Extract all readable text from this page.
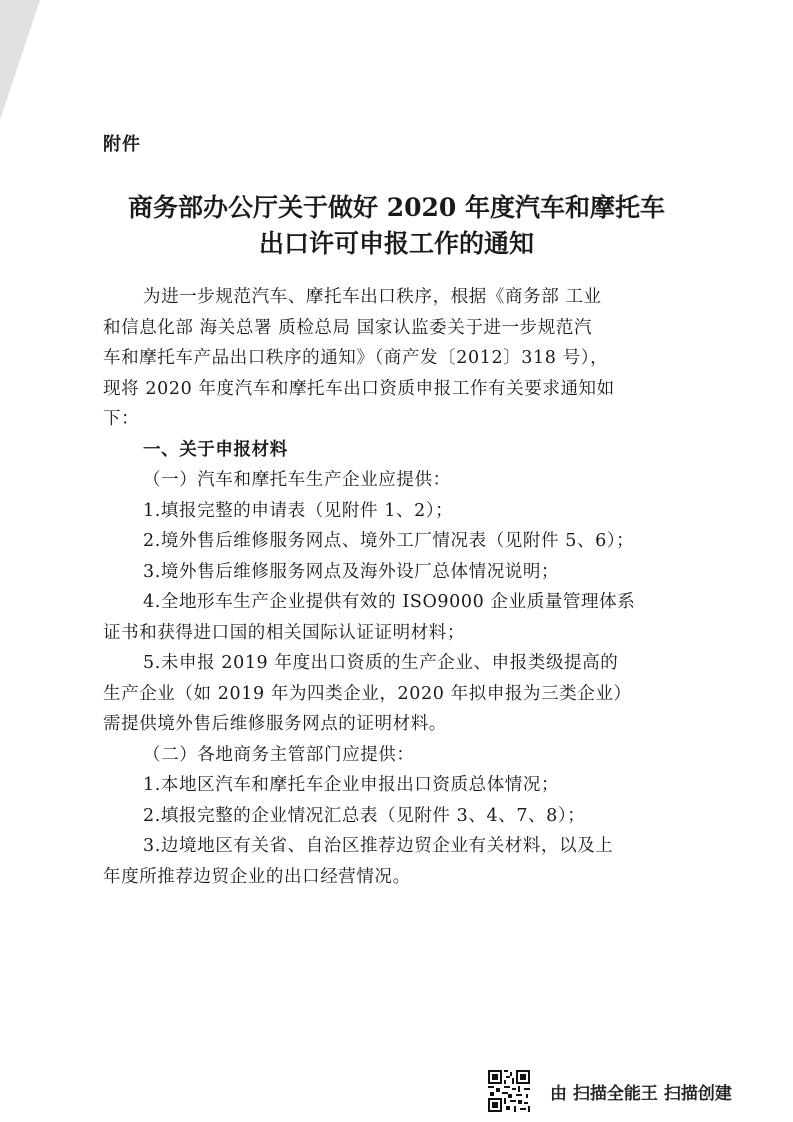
附件
商务部办公厅关于做好 2020 年度汽车和摩托车
出口许可申报工作的通知
为进一步规范汽车、摩托车出口秩序，根据《商务部 工业
和信息化部 海关总署 质检总局 国家认监委关于进一步规范汽
车和摩托车产品出口秩序的通知》（商产发〔2012〕318 号），
现将 2020 年度汽车和摩托车出口资质申报工作有关要求通知如
下：
一、关于申报材料
（一）汽车和摩托车生产企业应提供：
1.填报完整的申请表（见附件 1、2）；
2.境外售后维修服务网点、境外工厂情况表（见附件 5、6）；
3.境外售后维修服务网点及海外设厂总体情况说明；
4.全地形车生产企业提供有效的 ISO9000 企业质量管理体系
证书和获得进口国的相关国际认证证明材料；
5.未申报 2019 年度出口资质的生产企业、申报类级提高的
生产企业（如 2019 年为四类企业，2020 年拟申报为三类企业）
需提供境外售后维修服务网点的证明材料。
（二）各地商务主管部门应提供：
1.本地区汽车和摩托车企业申报出口资质总体情况；
2.填报完整的企业情况汇总表（见附件 3、4、7、8）；
3.边境地区有关省、自治区推荐边贸企业有关材料，以及上
年度所推荐边贸企业的出口经营情况。
由 扫描全能王 扫描创建
